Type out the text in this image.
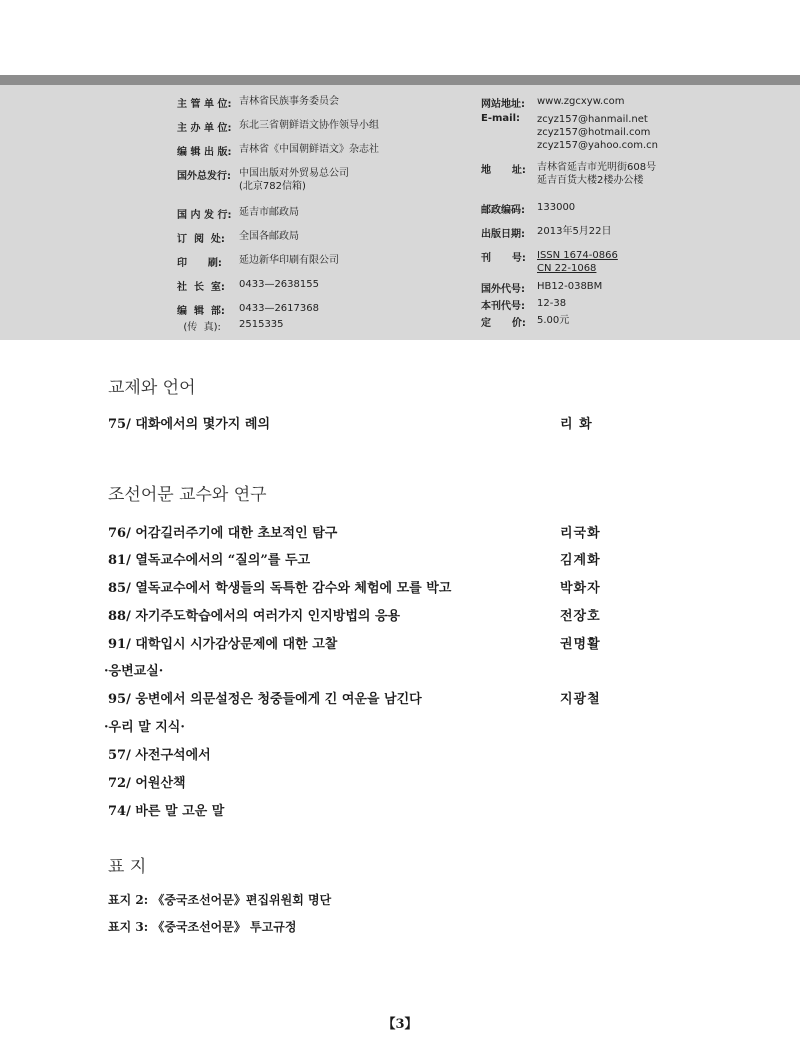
主 管 单 位: 吉林省民族事务委员会
主 办 单 位: 东北三省朝鲜语文协作领导小组
编 辑 出 版: 吉林省《中国朝鲜语文》杂志社
国外总发行: 中国出版对外贸易总公司
(北京782信箱)
国 内 发 行: 延吉市邮政局
订  阅  处:	全国各邮政局
印      刷:	延边新华印刷有限公司
社  长  室:	0433—2638155
编  辑  部:	0433—2617368
(传  真):	2515335
网站地址:	www.zgcxyw.com
E-mail:	zcyz157@hanmail.net
zcyz157@hotmail.com
zcyz157@yahoo.com.cn
地      址:	吉林省延吉市光明街608号
延吉百货大楼2楼办公楼
邮政编码:	133000
出版日期:	2013年5月22日
刊      号:	ISSN 1674-0866
CN 22-1068
国外代号:	HB12-038BM
本刊代号:	12-38
定      价:	5.00元
교제와 언어
75/ 대화에서의 몇가지 례의	리 화
조선어문 교수와 연구
76/ 어감길러주기에 대한 초보적인 탐구	리국화
81/ 열독교수에서의 “질의”를 두고	김계화
85/ 열독교수에서 학생들의 독특한 감수와 체험에 모를 박고	박화자
88/ 자기주도학습에서의 여러가지 인지방법의 응용	전장호
91/ 대학입시 시가감상문제에 대한 고찰	권명활
·응변교실·
95/ 웅변에서 의문설정은 청중들에게 긴 여운을 남긴다	지광철
·우리 말 지식·
57/ 사전구석에서
72/ 어원산책
74/ 바른 말 고운 말
표 지
표지 2: 《중국조선어문》편집위원회 명단
표지 3: 《중국조선어문》 투고규정
【3】
